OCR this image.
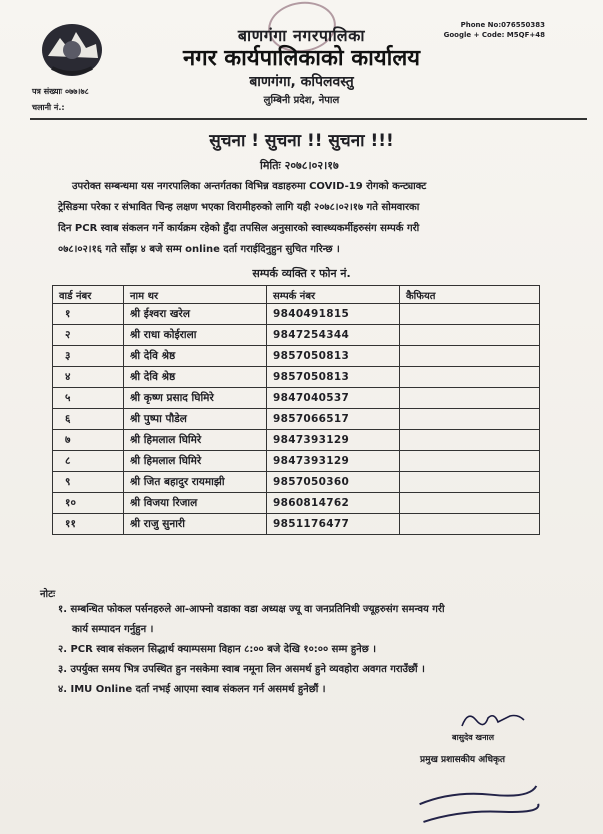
बाणगंगा नगरपालिका
नगर कार्यपालिकाको कार्यालय
बाणगंगा, कपिलवस्तु
लुम्बिनी प्रदेश, नेपाल
Phone No:076550383
Google + Code: M5QF+48
पत्र संख्याः ०७७।७८
चलानी नं.:
सुचना ! सुचना !! सुचना !!!
मितिः २०७८।०२।१७
उपरोक्त सम्बन्धमा यस नगरपालिका अन्तर्गतका विभिन्न वडाहरुमा COVID-19 रोगको कन्ट्याक्ट
ट्रेसिङमा परेका र संभावित चिन्ह लक्षण भएका विरामीहरुको लागि यही २०७८।०२।१७ गते सोमवारका
दिन PCR स्वाब संकलन गर्ने कार्यक्रम रहेको हुँदा तपसिल अनुसारको स्वास्थ्यकर्मीहरुसंग सम्पर्क गरी
०७८।०२।१६ गते साँझ ४ बजे सम्म online दर्ता गराईदिनुहुन सुचित गरिन्छ ।
सम्पर्क व्यक्ति र फोन नं.
वार्ड नंबर	नाम थर	सम्पर्क नंबर	कैफियत
१	श्री ईश्वरा खरेल	9840491815	
२	श्री राधा कोईराला	9847254344	
३	श्री देवि श्रेष्ठ	9857050813	
४	श्री देवि श्रेष्ठ	9857050813	
५	श्री कृष्ण प्रसाद घिमिरे	9847040537	
६	श्री पुष्पा पौडेल	9857066517	
७	श्री हिमलाल घिमिरे	9847393129	
८	श्री हिमलाल घिमिरे	9847393129	
९	श्री जित बहादुर रायमाझी	9857050360	
१०	श्री विजया रिजाल	9860814762	
११	श्री राजु सुनारी	9851176477	
नोटः
१. सम्बन्धित फोकल पर्सनहरुले आ-आफ्नो वडाका वडा अध्यक्ष ज्यू वा जनप्रतिनिधी ज्यूहरुसंग समन्वय गरी
कार्य सम्पादन गर्नुहुन ।
२. PCR स्वाब संकलन सिद्धार्थ क्याम्पसमा विहान ८:०० बजे देखि १०:०० सम्म हुनेछ ।
३. उपर्युक्त समय भित्र उपस्थित हुन नसकेमा स्वाब नमूना लिन असमर्थ हुने व्यवहोरा अवगत गराउँछौं ।
४. IMU Online दर्ता नभई आएमा स्वाब संकलन गर्न असमर्थ हुनेछौं ।
बासुदेव खनाल
प्रमुख प्रशासकीय अधिकृत
